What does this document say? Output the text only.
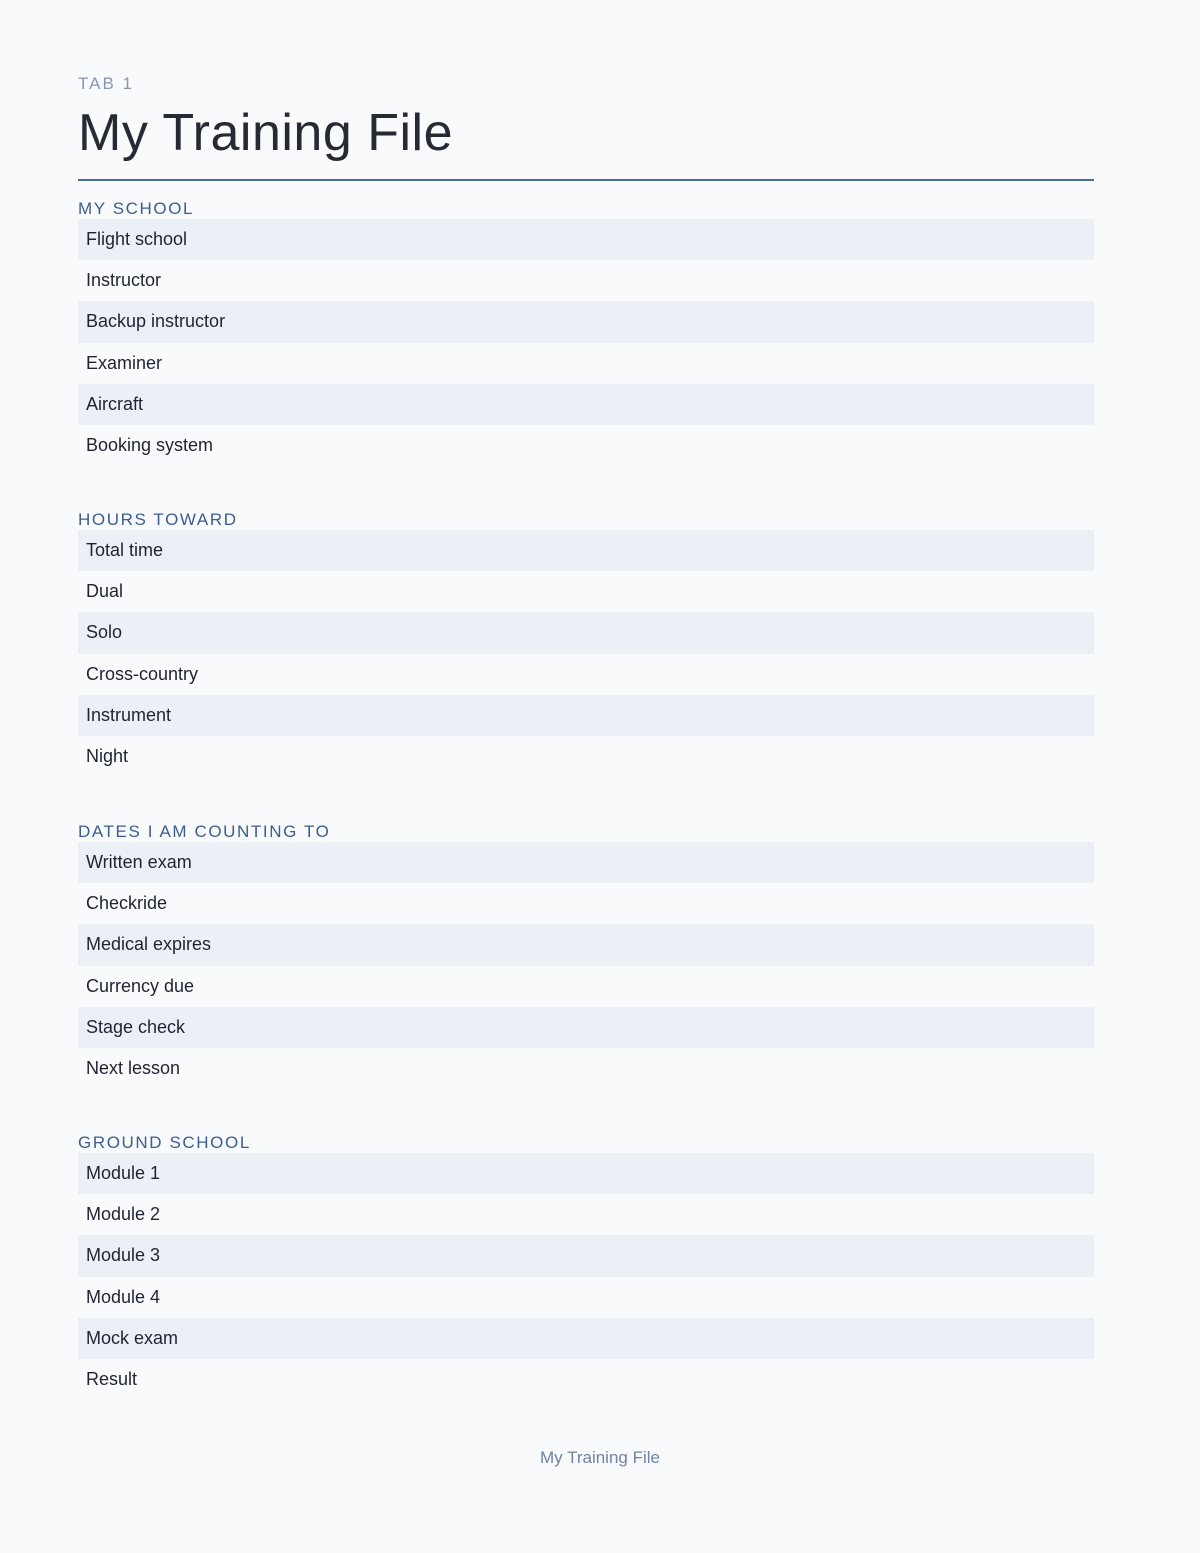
TAB 1
My Training File
MY SCHOOL
Flight school
Instructor
Backup instructor
Examiner
Aircraft
Booking system
HOURS TOWARD
Total time
Dual
Solo
Cross-country
Instrument
Night
DATES I AM COUNTING TO
Written exam
Checkride
Medical expires
Currency due
Stage check
Next lesson
GROUND SCHOOL
Module 1
Module 2
Module 3
Module 4
Mock exam
Result
My Training File
